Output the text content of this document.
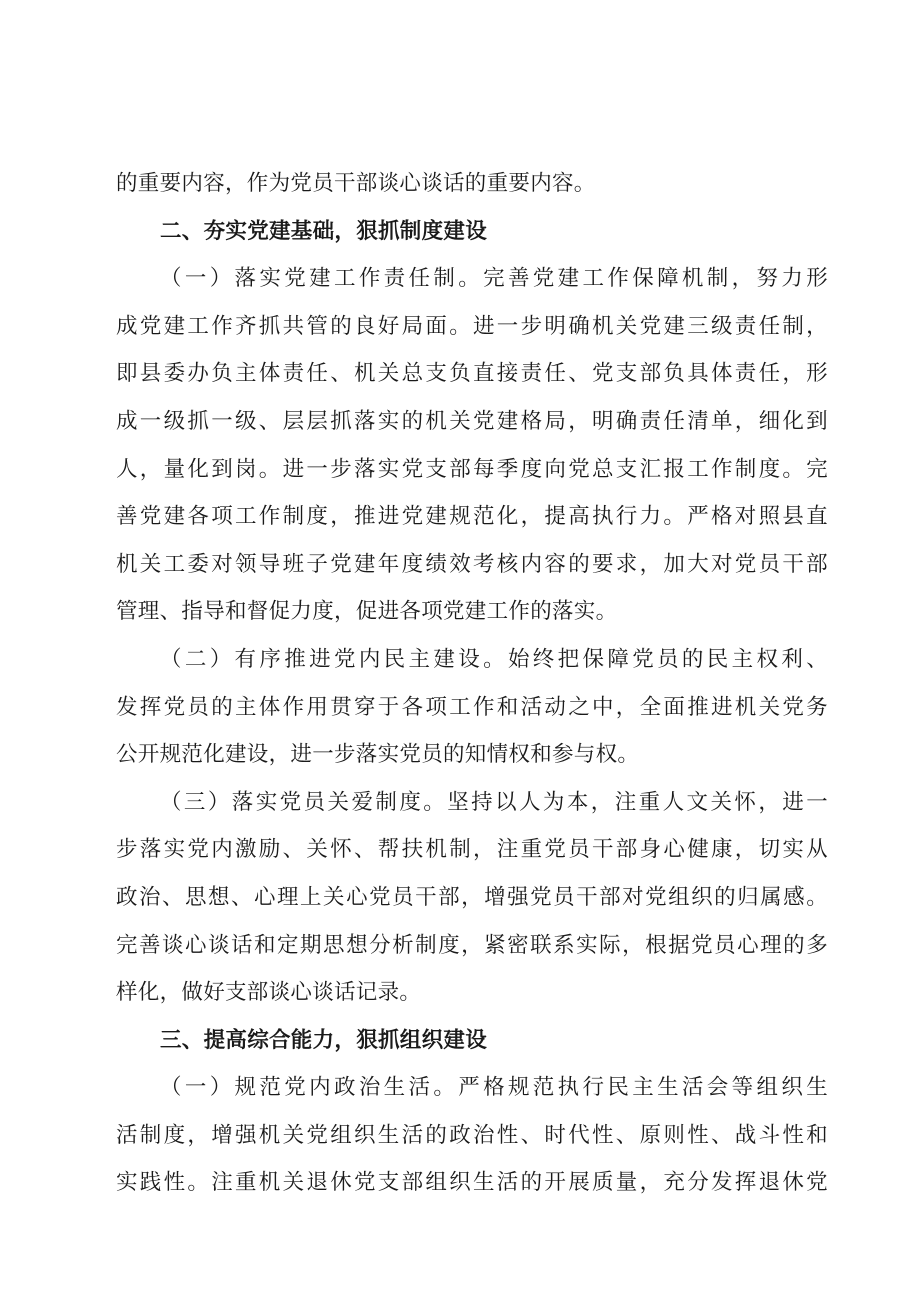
的重要内容，作为党员干部谈心谈话的重要内容。
二、夯实党建基础，狠抓制度建设
（一）落实党建工作责任制。完善党建工作保障机制，努力形
成党建工作齐抓共管的良好局面。进一步明确机关党建三级责任制，
即县委办负主体责任、机关总支负直接责任、党支部负具体责任，形
成一级抓一级、层层抓落实的机关党建格局，明确责任清单，细化到
人，量化到岗。进一步落实党支部每季度向党总支汇报工作制度。完
善党建各项工作制度，推进党建规范化，提高执行力。严格对照县直
机关工委对领导班子党建年度绩效考核内容的要求，加大对党员干部
管理、指导和督促力度，促进各项党建工作的落实。
（二）有序推进党内民主建设。始终把保障党员的民主权利、
发挥党员的主体作用贯穿于各项工作和活动之中，全面推进机关党务
公开规范化建设，进一步落实党员的知情权和参与权。
（三）落实党员关爱制度。坚持以人为本，注重人文关怀，进一
步落实党内激励、关怀、帮扶机制，注重党员干部身心健康，切实从
政治、思想、心理上关心党员干部，增强党员干部对党组织的归属感。
完善谈心谈话和定期思想分析制度，紧密联系实际，根据党员心理的多
样化，做好支部谈心谈话记录。
三、提高综合能力，狠抓组织建设
（一）规范党内政治生活。严格规范执行民主生活会等组织生
活制度，增强机关党组织生活的政治性、时代性、原则性、战斗性和
实践性。注重机关退休党支部组织生活的开展质量，充分发挥退休党
